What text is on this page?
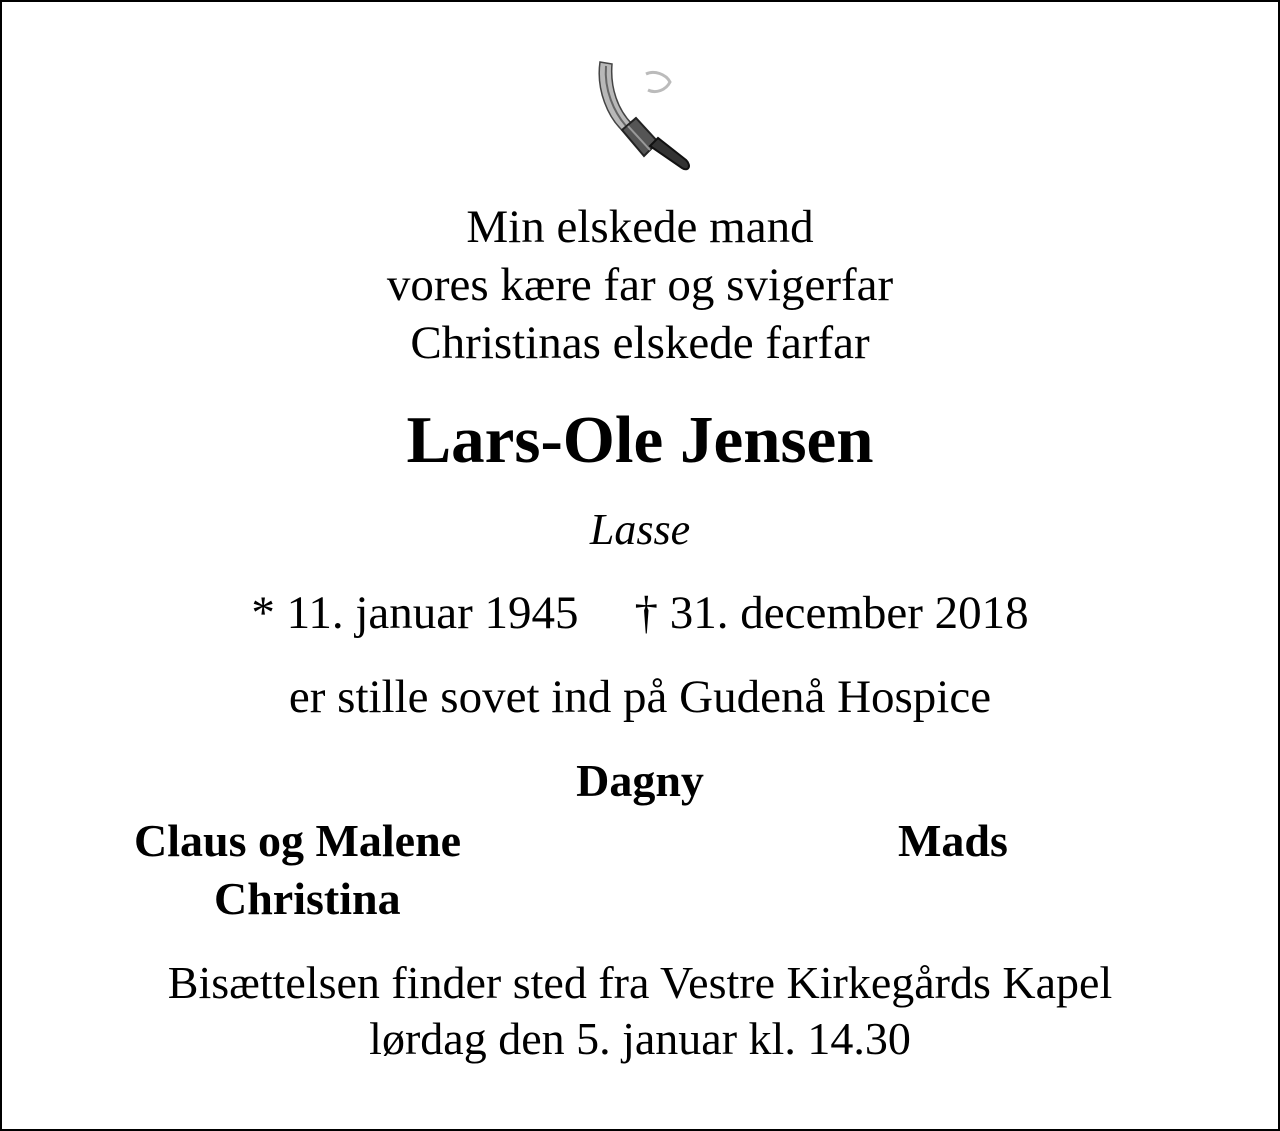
Min elskede mand
vores kære far og svigerfar
Christinas elskede farfar
Lars-Ole Jensen
Lasse
* 11. januar 1945 † 31. december 2018
er stille sovet ind på Gudenå Hospice
Dagny
Claus og Malene
Christina
Mads
Bisættelsen finder sted fra Vestre Kirkegårds Kapel
lørdag den 5. januar kl. 14.30
